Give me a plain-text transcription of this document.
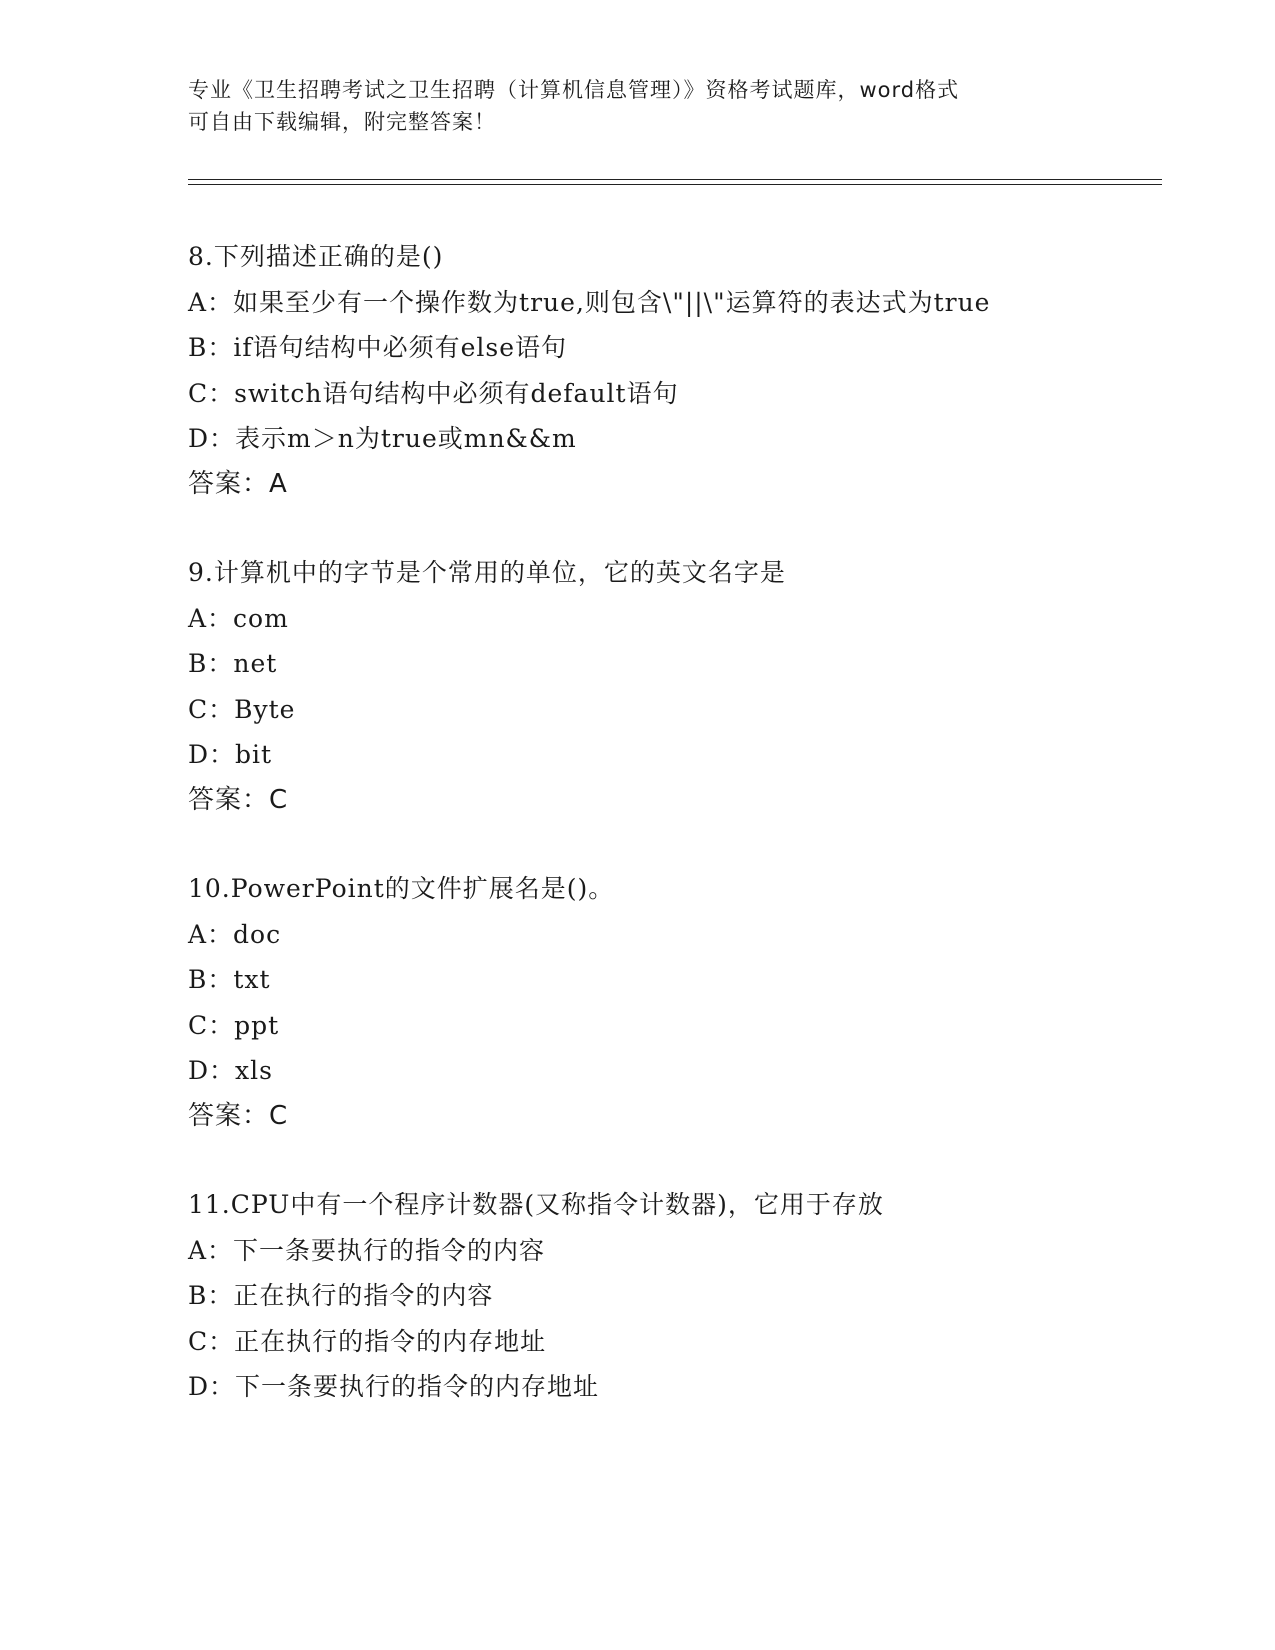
专业《卫生招聘考试之卫生招聘（计算机信息管理）》资格考试题库，word格式
可自由下载编辑，附完整答案！
8.下列描述正确的是()
A：如果至少有一个操作数为true,则包含\"||\"运算符的表达式为true
B：if语句结构中必须有else语句
C：switch语句结构中必须有default语句
D：表示m＞n为true或mn&&m
答案：A
9.计算机中的字节是个常用的单位，它的英文名字是
A：com
B：net
C：Byte
D：bit
答案：C
10.PowerPoint的文件扩展名是()。
A：doc
B：txt
C：ppt
D：xls
答案：C
11.CPU中有一个程序计数器(又称指令计数器)，它用于存放
A：下一条要执行的指令的内容
B：正在执行的指令的内容
C：正在执行的指令的内存地址
D：下一条要执行的指令的内存地址
